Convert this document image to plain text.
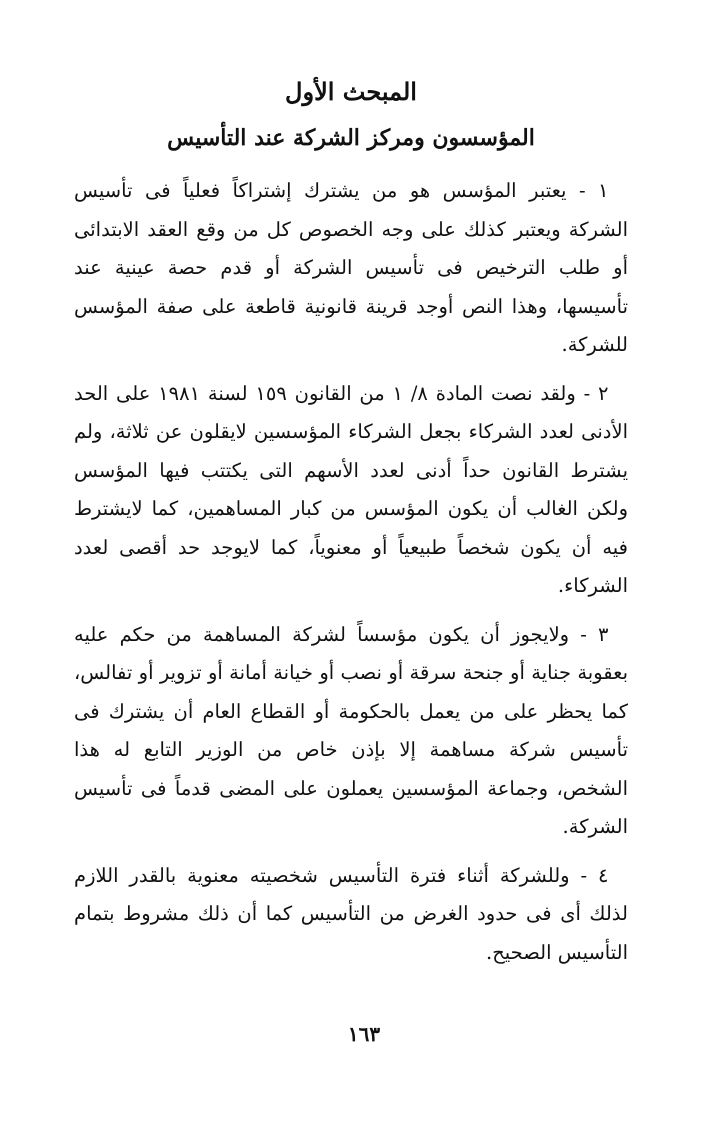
المبحث الأول
المؤسسون ومركز الشركة عند التأسيس

 ١ - يعتبر المؤسس هو من يشترك إشتراكاً فعلياً فى تأسيس الشركة ويعتبر كذلك على وجه الخصوص كل من وقع العقد الابتدائى أو طلب الترخيص فى تأسيس الشركة أو قدم حصة عينية عند تأسيسها، وهذا النص أوجد قرينة قانونية قاطعة على صفة المؤسس للشركة.

 ٢ - ولقد نصت المادة ٨/ ١ من القانون ١٥٩ لسنة ١٩٨١ على الحد الأدنى لعدد الشركاء بجعل الشركاء المؤسسين لايقلون عن ثلاثة، ولم يشترط القانون حداً أدنى لعدد الأسهم التى يكتتب فيها المؤسس ولكن الغالب أن يكون المؤسس من كبار المساهمين، كما لايشترط فيه أن يكون شخصاً طبيعياً أو معنوياً، كما لايوجد حد أقصى لعدد الشركاء.

 ٣ - ولايجوز أن يكون مؤسساً لشركة المساهمة من حكم عليه بعقوبة جناية أو جنحة سرقة أو نصب أو خيانة أمانة أو تزوير أو تفالس، كما يحظر على من يعمل بالحكومة أو القطاع العام أن يشترك فى تأسيس شركة مساهمة إلا بإذن خاص من الوزير التابع له هذا الشخص، وجماعة المؤسسين يعملون على المضى قدماً فى تأسيس الشركة.

 ٤ - وللشركة أثناء فترة التأسيس شخصيته معنوية بالقدر اللازم لذلك أى فى حدود الغرض من التأسيس كما أن ذلك مشروط بتمام التأسيس الصحيح.

١٦٣
